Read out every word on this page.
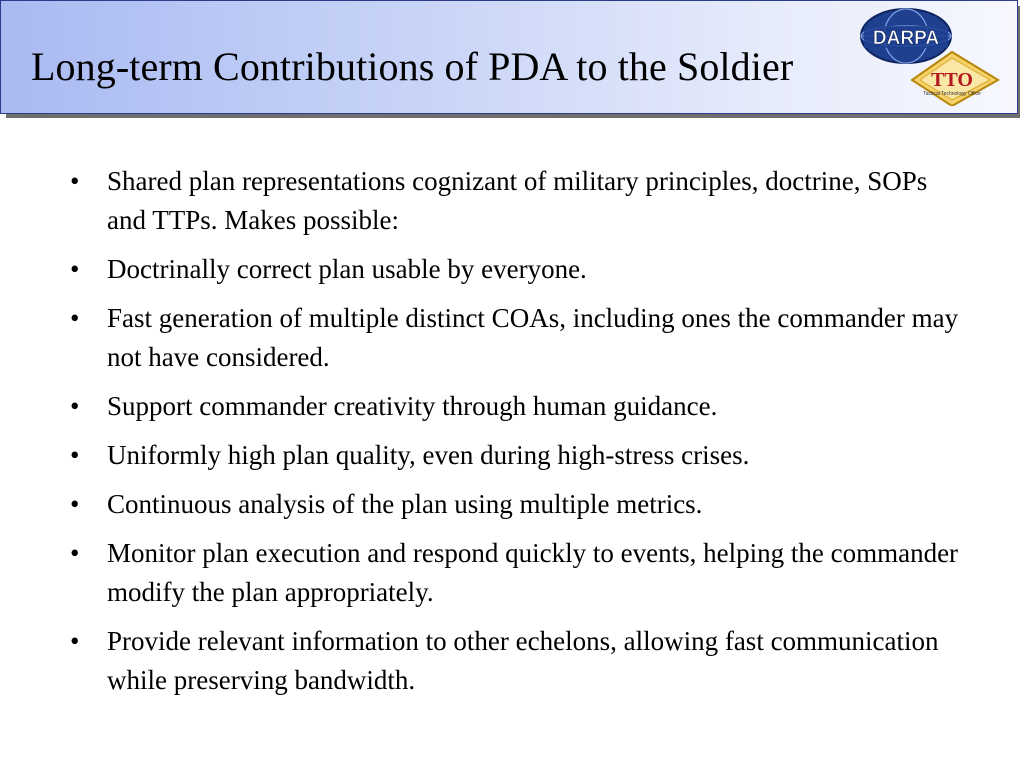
Long-term Contributions of PDA to the Soldier
DARPA
TTO
Tactical Technology Office
• Shared plan representations cognizant of military principles, doctrine, SOPs and TTPs. Makes possible:
• Doctrinally correct plan usable by everyone.
• Fast generation of multiple distinct COAs, including ones the commander may not have considered.
• Support commander creativity through human guidance.
• Uniformly high plan quality, even during high-stress crises.
• Continuous analysis of the plan using multiple metrics.
• Monitor plan execution and respond quickly to events, helping the commander modify the plan appropriately.
• Provide relevant information to other echelons, allowing fast communication while preserving bandwidth.
